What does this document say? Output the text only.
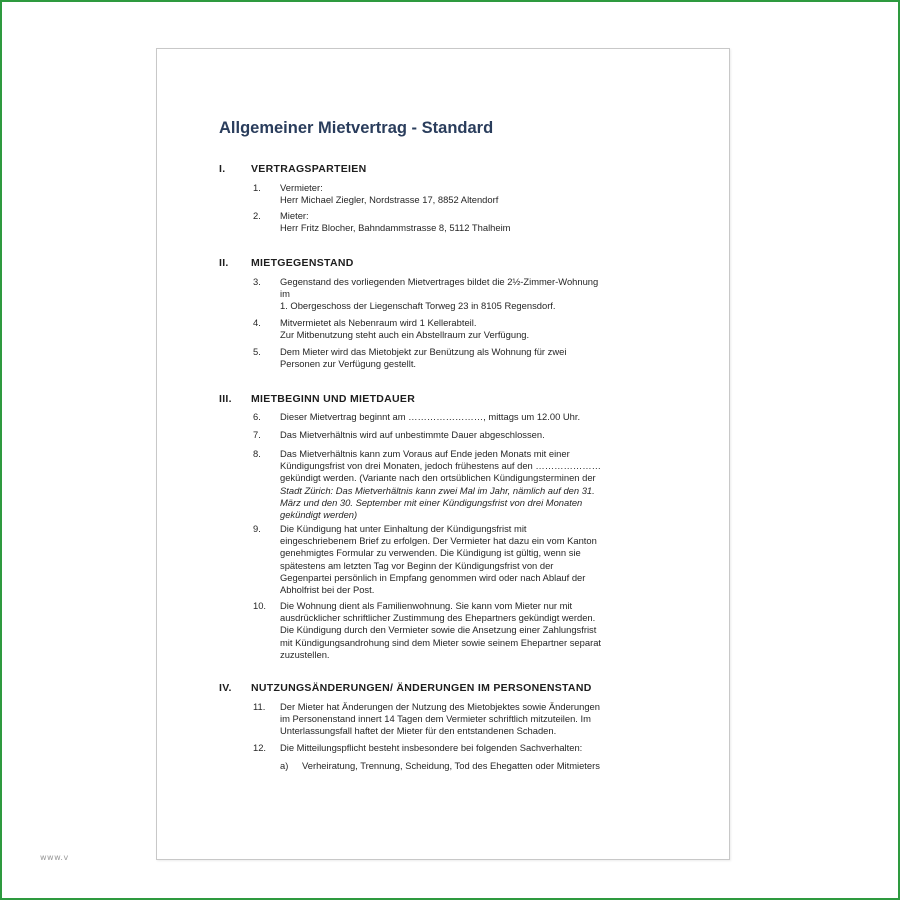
Allgemeiner Mietvertrag - Standard
I. VERTRAGSPARTEIEN
1.	Vermieter:
Herr Michael Ziegler, Nordstrasse 17, 8852 Altendorf
2.	Mieter:
Herr Fritz Blocher, Bahndammstrasse 8, 5112 Thalheim
II. MIETGEGENSTAND
3.	Gegenstand des vorliegenden Mietvertrages bildet die 2½-Zimmer-Wohnung
im
1. Obergeschoss der Liegenschaft Torweg 23 in 8105 Regensdorf.
4.	Mitvermietet als Nebenraum wird 1 Kellerabteil.
Zur Mitbenutzung steht auch ein Abstellraum zur Verfügung.
5.	Dem Mieter wird das Mietobjekt zur Benützung als Wohnung für zwei
Personen zur Verfügung gestellt.
III. MIETBEGINN UND MIETDAUER
6.	Dieser Mietvertrag beginnt am ……………………, mittags um 12.00 Uhr.
7.	Das Mietverhältnis wird auf unbestimmte Dauer abgeschlossen.
8.	Das Mietverhältnis kann zum Voraus auf Ende jeden Monats mit einer
Kündigungsfrist von drei Monaten, jedoch frühestens auf den …………………
gekündigt werden. (Variante nach den ortsüblichen Kündigungsterminen der
Stadt Zürich: Das Mietverhältnis kann zwei Mal im Jahr, nämlich auf den 31.
März und den 30. September mit einer Kündigungsfrist von drei Monaten
gekündigt werden)
9.	Die Kündigung hat unter Einhaltung der Kündigungsfrist mit
eingeschriebenem Brief zu erfolgen. Der Vermieter hat dazu ein vom Kanton
genehmigtes Formular zu verwenden. Die Kündigung ist gültig, wenn sie
spätestens am letzten Tag vor Beginn der Kündigungsfrist von der
Gegenpartei persönlich in Empfang genommen wird oder nach Ablauf der
Abholfrist bei der Post.
10.	Die Wohnung dient als Familienwohnung. Sie kann vom Mieter nur mit
ausdrücklicher schriftlicher Zustimmung des Ehepartners gekündigt werden.
Die Kündigung durch den Vermieter sowie die Ansetzung einer Zahlungsfrist
mit Kündigungsandrohung sind dem Mieter sowie seinem Ehepartner separat
zuzustellen.
IV. NUTZUNGSÄNDERUNGEN/ ÄNDERUNGEN IM PERSONENSTAND
11.	Der Mieter hat Änderungen der Nutzung des Mietobjektes sowie Änderungen
im Personenstand innert 14 Tagen dem Vermieter schriftlich mitzuteilen. Im
Unterlassungsfall haftet der Mieter für den entstandenen Schaden.
12.	Die Mitteilungspflicht besteht insbesondere bei folgenden Sachverhalten:
a) Verheiratung, Trennung, Scheidung, Tod des Ehegatten oder Mitmieters
www.v
